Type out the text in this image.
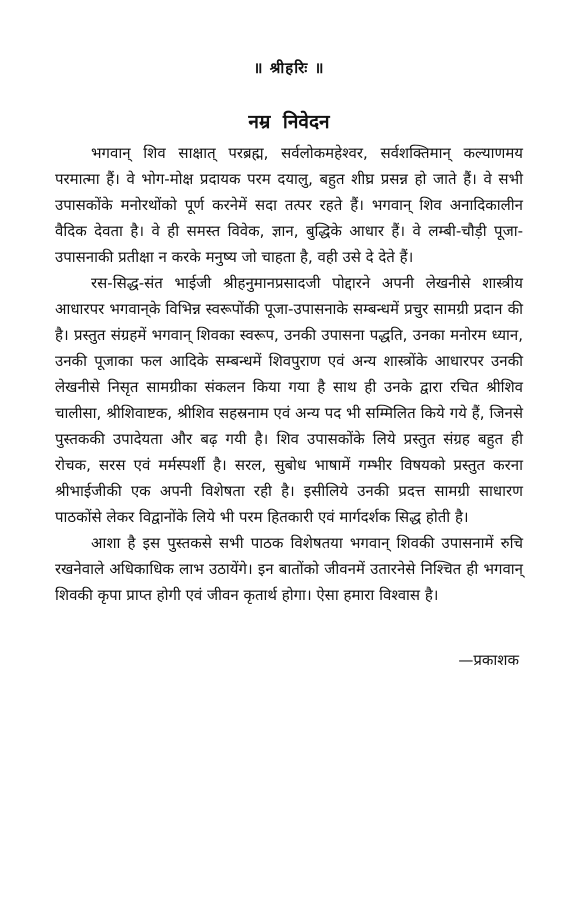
॥ श्रीहरिः ॥
नम्र निवेदन

भगवान् शिव साक्षात् परब्रह्म, सर्वलोकमहेश्वर, सर्वशक्तिमान् कल्याणमय परमात्मा हैं। वे भोग-मोक्ष प्रदायक परम दयालु, बहुत शीघ्र प्रसन्न हो जाते हैं। वे सभी उपासकोंके मनोरथोंको पूर्ण करनेमें सदा तत्पर रहते हैं। भगवान् शिव अनादिकालीन वैदिक देवता है। वे ही समस्त विवेक, ज्ञान, बुद्धिके आधार हैं। वे लम्बी-चौड़ी पूजा-उपासनाकी प्रतीक्षा न करके मनुष्य जो चाहता है, वही उसे दे देते हैं।

रस-सिद्ध-संत भाईजी श्रीहनुमानप्रसादजी पोद्दारने अपनी लेखनीसे शास्त्रीय आधारपर भगवान्‌के विभिन्न स्वरूपोंकी पूजा-उपासनाके सम्बन्धमें प्रचुर सामग्री प्रदान की है। प्रस्तुत संग्रहमें भगवान् शिवका स्वरूप, उनकी उपासना पद्धति, उनका मनोरम ध्यान, उनकी पूजाका फल आदिके सम्बन्धमें शिवपुराण एवं अन्य शास्त्रोंके आधारपर उनकी लेखनीसे निसृत सामग्रीका संकलन किया गया है साथ ही उनके द्वारा रचित श्रीशिव चालीसा, श्रीशिवाष्टक, श्रीशिव सहस्रनाम एवं अन्य पद भी सम्मिलित किये गये हैं, जिनसे पुस्तककी उपादेयता और बढ़ गयी है। शिव उपासकोंके लिये प्रस्तुत संग्रह बहुत ही रोचक, सरस एवं मर्मस्पर्शी है। सरल, सुबोध भाषामें गम्भीर विषयको प्रस्तुत करना श्रीभाईजीकी एक अपनी विशेषता रही है। इसीलिये उनकी प्रदत्त सामग्री साधारण पाठकोंसे लेकर विद्वानोंके लिये भी परम हितकारी एवं मार्गदर्शक सिद्ध होती है।

आशा है इस पुस्तकसे सभी पाठक विशेषतया भगवान् शिवकी उपासनामें रुचि रखनेवाले अधिकाधिक लाभ उठायेंगे। इन बातोंको जीवनमें उतारनेसे निश्चित ही भगवान् शिवकी कृपा प्राप्त होगी एवं जीवन कृतार्थ होगा। ऐसा हमारा विश्वास है।

—प्रकाशक
